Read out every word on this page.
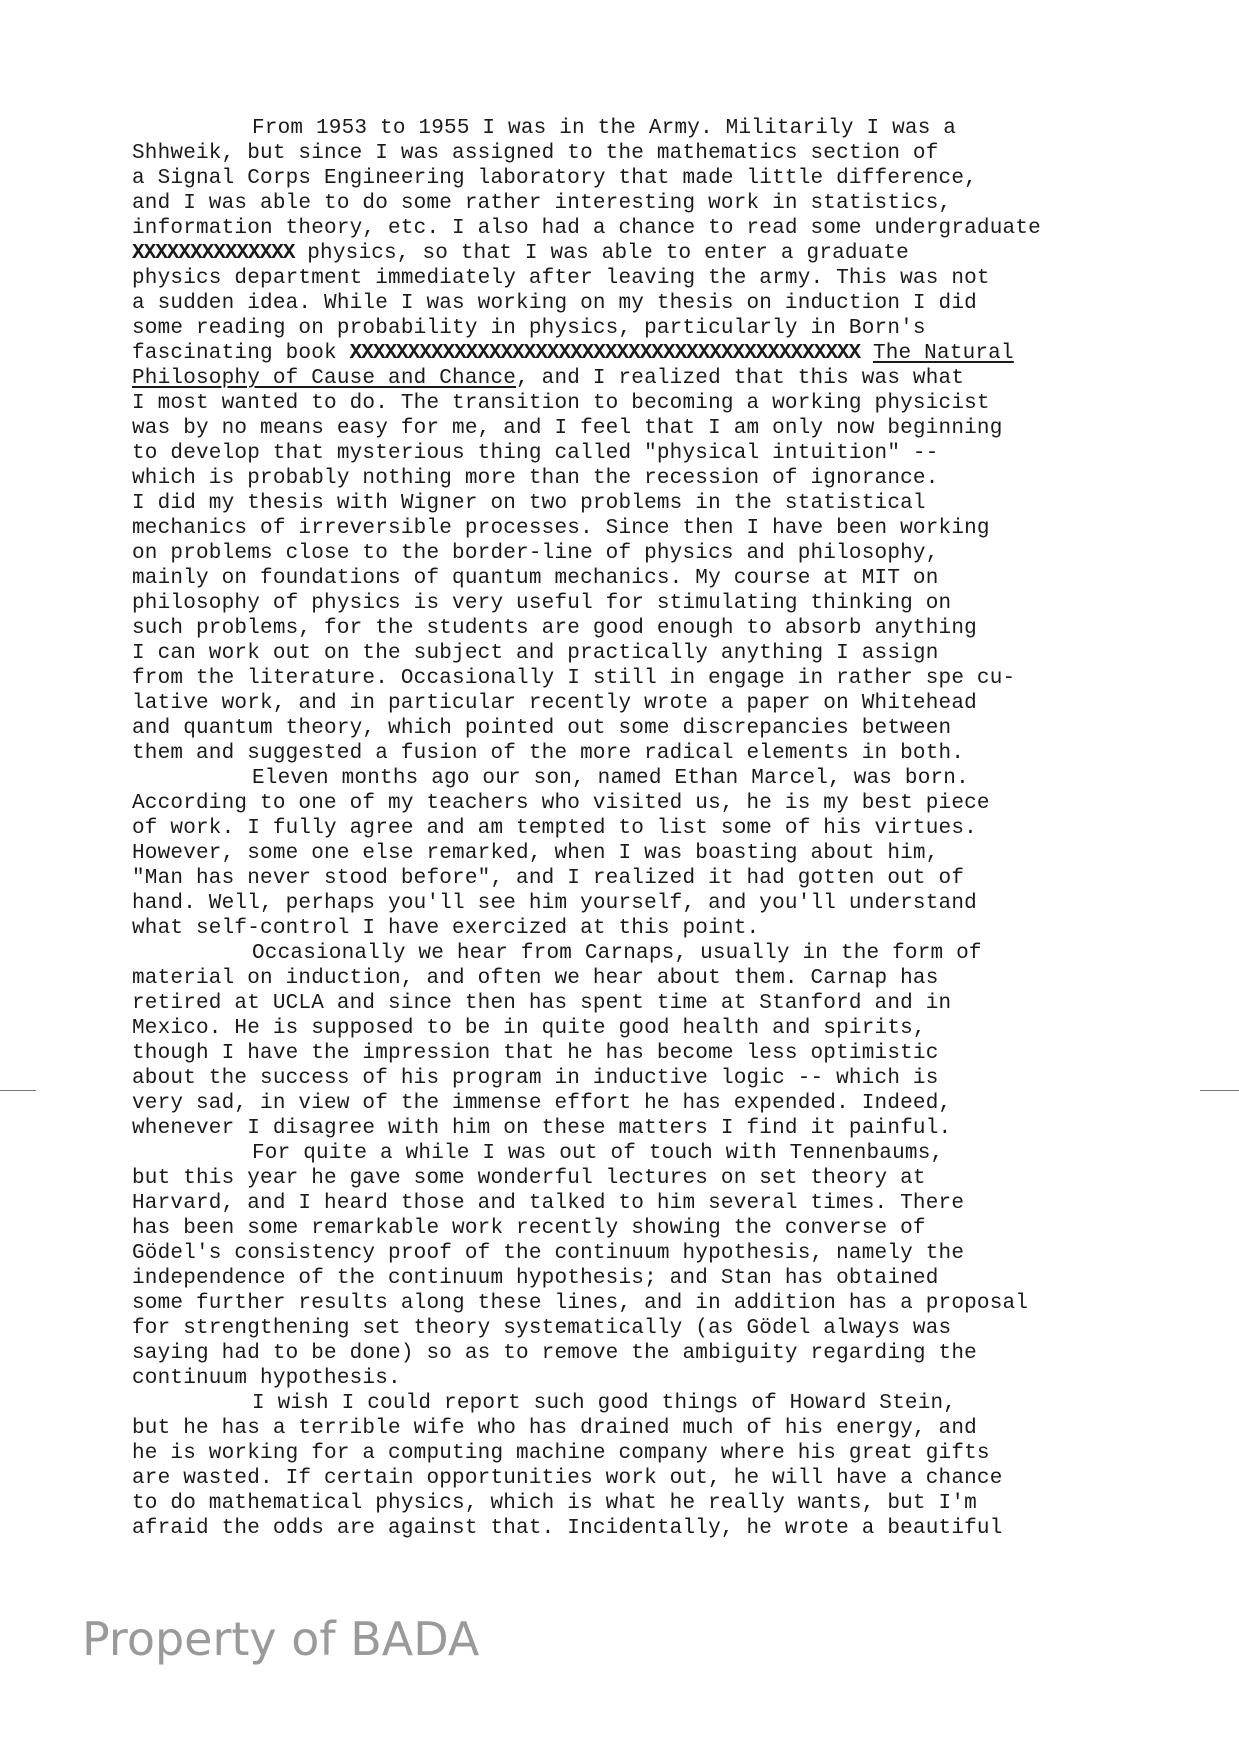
From 1953 to 1955 I was in the Army. Militarily I was a
Shhweik, but since I was assigned to the mathematics section of
a Signal Corps Engineering laboratory that made little difference,
and I was able to do some rather interesting work in statistics,
information theory, etc. I also had a chance to read some undergraduate
XXXXXXXXXXXXXX physics, so that I was able to enter a graduate
physics department immediately after leaving the army. This was not
a sudden idea. While I was working on my thesis on induction I did
some reading on probability in physics, particularly in Born's
fascinating book XXXXXXXXXXXXXXXXXXXXXXXXXXXXXXXXXXXXXXXXXXXX The Natural
Philosophy of Cause and Chance, and I realized that this was what
I most wanted to do. The transition to becoming a working physicist
was by no means easy for me, and I feel that I am only now beginning
to develop that mysterious thing called "physical intuition" --
which is probably nothing more than the recession of ignorance.
I did my thesis with Wigner on two problems in the statistical
mechanics of irreversible processes. Since then I have been working
on problems close to the border-line of physics and philosophy,
mainly on foundations of quantum mechanics. My course at MIT on
philosophy of physics is very useful for stimulating thinking on
such problems, for the students are good enough to absorb anything
I can work out on the subject and practically anything I assign
from the literature. Occasionally I still in engage in rather spe cu-
lative work, and in particular recently wrote a paper on Whitehead
and quantum theory, which pointed out some discrepancies between
them and suggested a fusion of the more radical elements in both.
Eleven months ago our son, named Ethan Marcel, was born.
According to one of my teachers who visited us, he is my best piece
of work. I fully agree and am tempted to list some of his virtues.
However, some one else remarked, when I was boasting about him,
"Man has never stood before", and I realized it had gotten out of
hand. Well, perhaps you'll see him yourself, and you'll understand
what self-control I have exercized at this point.
Occasionally we hear from Carnaps, usually in the form of
material on induction, and often we hear about them. Carnap has
retired at UCLA and since then has spent time at Stanford and in
Mexico. He is supposed to be in quite good health and spirits,
though I have the impression that he has become less optimistic
about the success of his program in inductive logic -- which is
very sad, in view of the immense effort he has expended. Indeed,
whenever I disagree with him on these matters I find it painful.
For quite a while I was out of touch with Tennenbaums,
but this year he gave some wonderful lectures on set theory at
Harvard, and I heard those and talked to him several times. There
has been some remarkable work recently showing the converse of
Gödel's consistency proof of the continuum hypothesis, namely the
independence of the continuum hypothesis; and Stan has obtained
some further results along these lines, and in addition has a proposal
for strengthening set theory systematically (as Gödel always was
saying had to be done) so as to remove the ambiguity regarding the
continuum hypothesis.
I wish I could report such good things of Howard Stein,
but he has a terrible wife who has drained much of his energy, and
he is working for a computing machine company where his great gifts
are wasted. If certain opportunities work out, he will have a chance
to do mathematical physics, which is what he really wants, but I'm
afraid the odds are against that. Incidentally, he wrote a beautiful
Property of BADA
